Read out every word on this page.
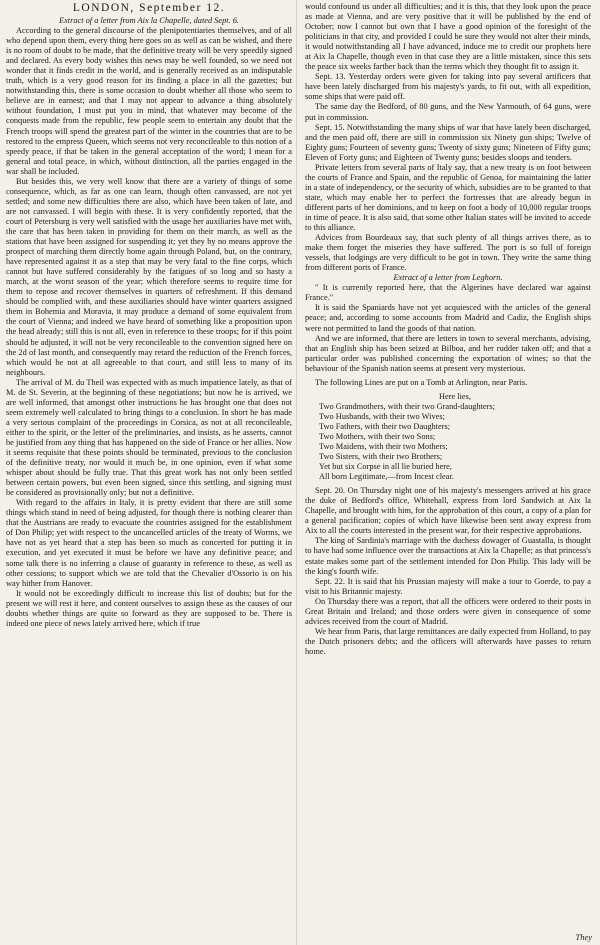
LONDON, September 12.

Extract of a letter from Aix la Chapelle, dated Sept. 6.

According to the general discourse of the plenipotentiaries themselves, and of all who depend upon them, every thing here goes on as well as can be wished, and there is no room of doubt to be made, that the definitive treaty will be very speedily signed and declared. As every body wishes this news may be well founded, so we need not wonder that it finds credit in the world, and is generally received as an indisputable truth, which is a very good reason for its finding a place in all the gazettes; but notwithstanding this, there is some occasion to doubt whether all those who seem to believe are in earnest; and that I may not appear to advance a thing absolutely without foundation, I must put you in mind, that whatever may become of the conquests made from the republic, few people seem to entertain any doubt that the French troops will spend the greatest part of the winter in the countries that are to be restored to the empress Queen, which seems not very reconcileable to this notion of a speedy peace, if that be taken in the general acceptation of the word; I mean for a general and total peace, in which, without distinction, all the parties engaged in the war shall be included.

But besides this, we very well know that there are a variety of things of some consequence, which, as far as one can learn, though often canvassed, are not yet settled; and some new difficulties there are also, which have been taken of late, and are not canvassed. I will begin with these. It is very confidently reported, that the court of Petersburg is very well satisfied with the usage her auxiliaries have met with, the care that has been taken in providing for them on their march, as well as the stations that have been assigned for suspending it; yet they by no means approve the prospect of marching them directly home again through Poland, but, on the contrary, have represented against it as a step that may be very fatal to the fine corps, which cannot but have suffered considerably by the fatigues of so long and so hasty a march, at the worst season of the year; which therefore seems to require time for them to repose and recover themselves in quarters of refreshment. If this demand should be complied with, and these auxiliaries should have winter quarters assigned them in Bohemia and Moravia, it may produce a demand of some equivalent from the court of Vienna; and indeed we have heard of something like a proposition upon the head already; still this is not all, even in reference to these troops; for if this point should be adjusted, it will not be very reconcileable to the convention signed here on the 2d of last month, and consequently may retard the reduction of the French forces, which would be not at all agreeable to that court, and still less to many of its neighbours.

The arrival of M. du Theil was expected with as much impatience lately, as that of M. de St. Severin, at the beginning of these negotiations; but now he is arrived, we are well informed, that amongst other instructions he has brought one that does not seem extremely well calculated to bring things to a conclusion. In short he has made a very serious complaint of the proceedings in Corsica, as not at all reconcileable, either to the spirit, or the letter of the preliminaries, and insists, as he asserts, cannot be justified from any thing that has happened on the side of France or her allies. Now it seems requisite that these points should be terminated, previous to the conclusion of the definitive treaty, nor would it much be, in one opinion, even if what some whisper about should be fully true. That this great work has not only been settled between certain powers, but even been signed, since this settling, and signing must be considered as provisionally only; but not a definitive.

With regard to the affairs in Italy, it is pretty evident that there are still some things which stand in need of being adjusted, for though there is nothing clearer than that the Austrians are ready to evacuate the countries assigned for the establishment of Don Philip; yet with respect to the uncancelled articles of the treaty of Worms, we have not as yet heard that a step has been so much as concerted for putting it in execution, and yet executed it must be before we have any definitive peace; and some talk there is no inferring a clause of guaranty in reference to these, as well as other cessions; to support which we are told that the Chevalier d'Ossorio is on his way hither from Hanover.

It would not be exceedingly difficult to increase this list of doubts; but for the present we will rest it here, and content ourselves to assign these as the causes of our doubts whether things are quite so forward as they are supposed to be. There is indeed one piece of news lately arrived here, which if true

would confound us under all difficulties; and it is this, that they look upon the peace as made at Vienna, and are very positive that it will be published by the end of October; now I cannot but own that I have a good opinion of the foresight of the politicians in that city, and provided I could be sure they would not alter their minds, it would notwithstanding all I have advanced, induce me to credit our prophets here at Aix la Chapelle, though even in that case they are a little mistaken, since this sets the peace six weeks farther back than the terms which they thought fit to assign it.

Sept. 13. Yesterday orders were given for taking into pay several artificers that have been lately discharged from his majesty's yards, to fit out, with all expedition, some ships that were paid off.

The same day the Bedford, of 80 guns, and the New Yarmouth, of 64 guns, were put in commission.

Sept. 15. Notwithstanding the many ships of war that have lately been discharged, and the men paid off, there are still in commission six Ninety gun ships; Twelve of Eighty guns; Fourteen of seventy guns; Twenty of sixty guns; Nineteen of Fifty guns; Eleven of Forty guns; and Eighteen of Twenty guns; besides sloops and tenders.

Private letters from several parts of Italy say, that a new treaty is on foot between the courts of France and Spain, and the republic of Genoa, for maintaining the latter in a state of independency, or the security of which, subsidies are to be granted to that state, which may enable her to perfect the fortresses that are already begun in different parts of her dominions, and to keep on foot a body of 10,000 regular troops in time of peace. It is also said, that some other Italian states will be invited to accede to this alliance.

Advices from Bourdeaux say, that such plenty of all things arrives there, as to make them forget the miseries they have suffered. The port is so full of foreign vessels, that lodgings are very difficult to be got in town. They write the same thing from different ports of France.

Extract of a letter from Leghorn.

" It is currently reported here, that the Algerines have declared war against France."

It is said the Spaniards have not yet acquiesced with the articles of the general peace; and, according to some accounts from Madrid and Cadiz, the English ships were not permitted to land the goods of that nation.

And we are informed, that there are letters in town to several merchants, advising, that an English ship has been seized at Bilboa, and her rudder taken off; and that a particular order was published concerning the exportation of wines; so that the behaviour of the Spanish nation seems at present very mysterious.

The following Lines are put on a Tomb at Arlington, near Paris.

Here lies,
Two Grandmothers, with their two Grand-daughters;
Two Husbands, with their two Wives;
Two Fathers, with their two Daughters;
Two Mothers, with their two Sons;
Two Maidens, with their two Mothers;
Two Sisters, with their two Brothers;
Yet but six Corpse in all lie buried here,
All born Legitimate,—from Incest clear.

Sept. 20. On Thursday night one of his majesty's messengers arrived at his grace the duke of Bedford's office, Whitehall, express from lord Sandwich at Aix la Chapelle, and brought with him, for the approbation of this court, a copy of a plan for a general pacification; copies of which have likewise been sent away express from Aix to all the courts interested in the present war, for their respective approbations.

The king of Sardinia's marriage with the duchess dowager of Guastalla, is thought to have had some influence over the transactions at Aix la Chapelle; as that princess's estate makes some part of the settlement intended for Don Philip. This lady will be the king's fourth wife.

Sept. 22. It is said that his Prussian majesty will make a tour to Goerde, to pay a visit to his Britannic majesty.

On Thursday there was a report, that all the officers were ordered to their posts in Great Britain and Ireland; and those orders were given in consequence of some advices received from the court of Madrid.

We hear from Paris, that large remittances are daily expected from Holland, to pay the Dutch prisoners debts; and the officers will afterwards have passes to return home.

They
